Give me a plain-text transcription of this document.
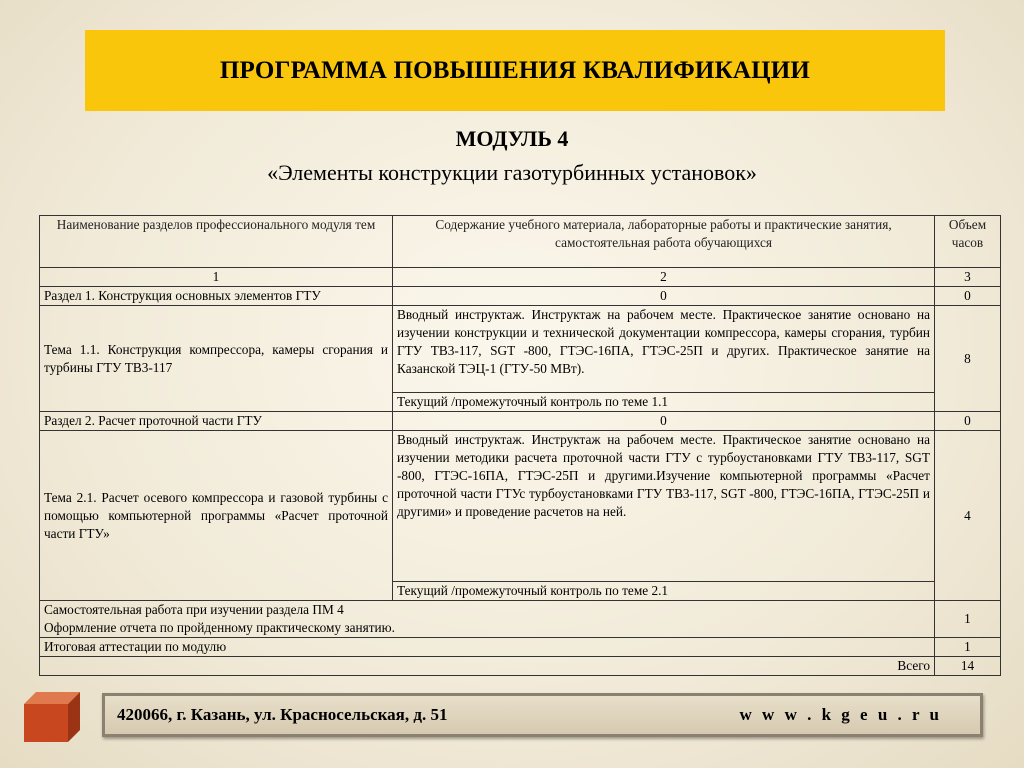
ПРОГРАММА ПОВЫШЕНИЯ КВАЛИФИКАЦИИ
МОДУЛЬ 4
«Элементы конструкции газотурбинных установок»
Наименование разделов профессионального модуля тем	Содержание учебного материала, лабораторные работы и практические занятия, самостоятельная работа обучающихся	Объем часов
1	2	3
Раздел 1. Конструкция основных элементов ГТУ	0	0
Тема 1.1. Конструкция компрессора, камеры сгорания и турбины ГТУ ТВ3-117	Вводный инструктаж. Инструктаж на рабочем месте. Практическое занятие основано на изучении конструкции и технической документации компрессора, камеры сгорания, турбин ГТУ ТВ3-117, SGT -800, ГТЭС-16ПА, ГТЭС-25П и других. Практическое занятие на Казанской ТЭЦ-1 (ГТУ-50 МВт).	8
	Текущий /промежуточный контроль по теме 1.1	
Раздел 2. Расчет проточной части ГТУ	0	0
Тема 2.1. Расчет осевого компрессора и газовой турбины с помощью компьютерной программы «Расчет проточной части ГТУ»	Вводный инструктаж. Инструктаж на рабочем месте. Практическое занятие основано на изучении методики расчета проточной части ГТУ с турбоустановками ГТУ ТВ3-117, SGT -800, ГТЭС-16ПА, ГТЭС-25П и другими.Изучение компьютерной программы «Расчет проточной части ГТУс турбоустановками ГТУ ТВ3-117, SGT -800, ГТЭС-16ПА, ГТЭС-25П и другими» и проведение расчетов на ней.	4
	Текущий /промежуточный контроль по теме 2.1	

Самостоятельная работа при изучении раздела ПМ 4
Оформление отчета по пройденному практическому занятию.		1
Итоговая аттестации по модулю		1
Всего		14
420066, г. Казань, ул. Красносельская, д. 51	w w w . k g e u . r u
